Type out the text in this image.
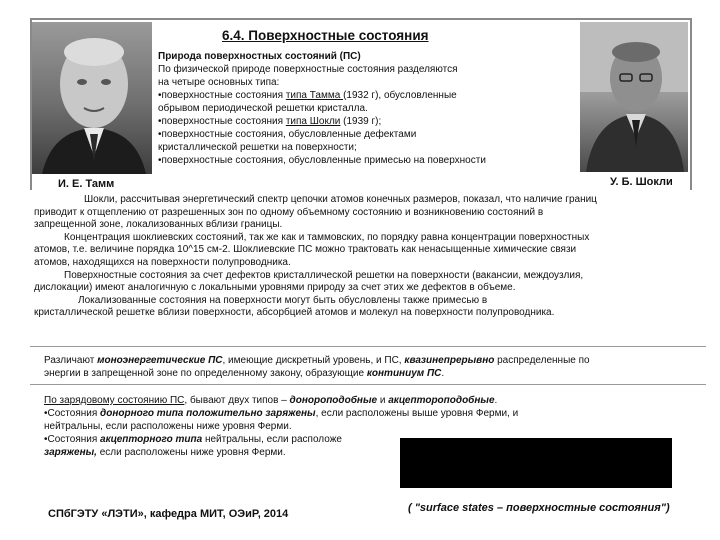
6.4. Поверхностные состояния
Природа поверхностных состояний (ПС)
По физической природе поверхностные состояния разделяются
на четыре основных типа:
•поверхностные состояния типа Тамма (1932 г), обусловленные
обрывом периодической решетки кристалла.
•поверхностные состояния типа Шокли (1939 г);
•поверхностные состояния, обусловленные дефектами
кристаллической решетки на поверхности;
•поверхностные состояния, обусловленные примесью на поверхности
И. Е. Тамм	У. Б. Шокли

Шокли, рассчитывая энергетический спектр цепочки атомов конечных размеров, показал, что наличие границ

приводит к отщеплению от разрешенных зон по одному объемному состоянию и возникновению состояний в

запрещенной зоне, локализованных вблизи границы.

Концентрация шоклиевских состояний, так же как и таммовских, по порядку равна концентрации поверхностных

атомов, т.е. величине порядка 10^15 см-2. Шоклиевские ПС можно трактовать как ненасыщенные химические связи

атомов, находящихся на поверхности полупроводника.

Поверхностные состояния за счет дефектов кристаллической решетки на поверхности (вакансии, междоузлия,

дислокации) имеют аналогичную с локальными уровнями природу за счет этих же дефектов в объеме.

Локализованные состояния на поверхности могут быть обусловлены также примесью в

кристаллической решетке вблизи поверхности, абсорбцией атомов и молекул на поверхности полупроводника.

Различают моноэнергетические ПС, имеющие дискретный уровень, и ПС, квазинепрерывно распределенные по
энергии в запрещенной зоне по определенному закону, образующие континиум ПС.
По зарядовому состоянию ПС, бывают двух типов – донороподобные и акцептороподобные.
•Состояния донорного типа положительно заряжены, если расположены выше уровня Ферми, и
нейтральны, если расположены ниже уровня Ферми.
•Состояния акцепторного типа нейтральны, если расположе
заряжены, если расположены ниже уровня Ферми.
СПбГЭТУ «ЛЭТИ», кафедра МИТ, ОЭиР, 2014	( "surface states – поверхностные состояния")
